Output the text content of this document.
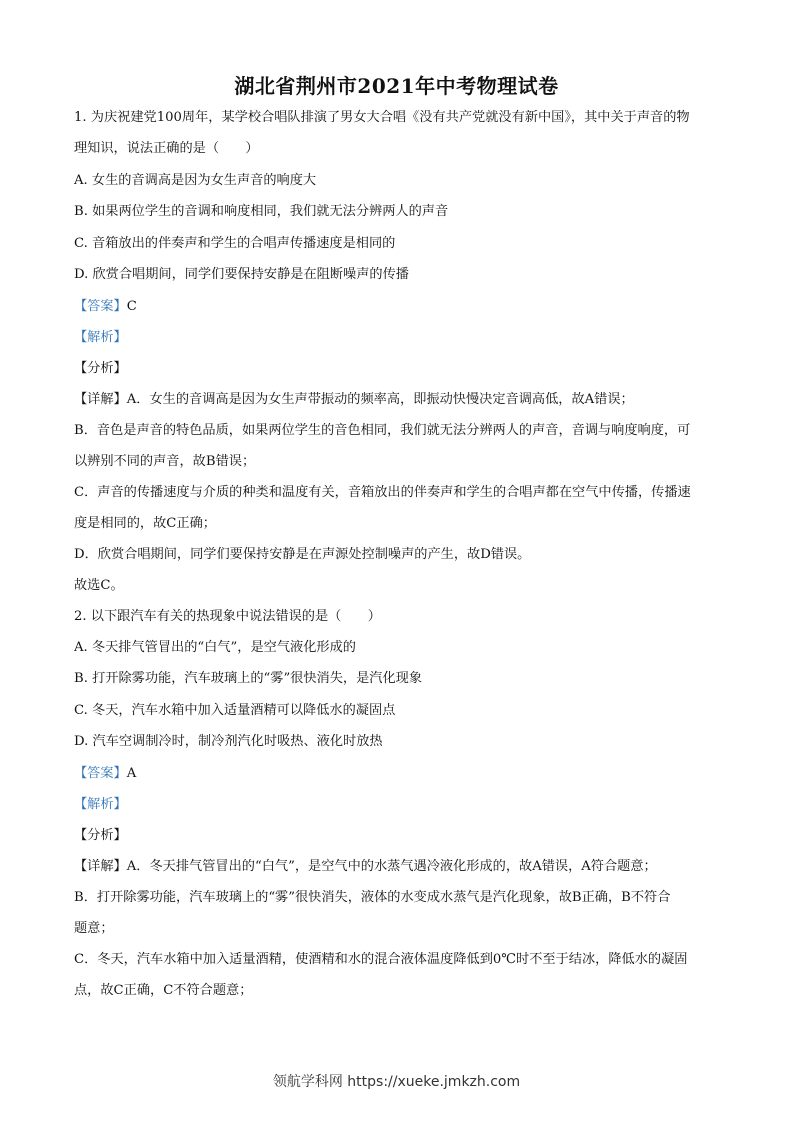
湖北省荆州市2021年中考物理试卷
1. 为庆祝建党100周年，某学校合唱队排演了男女大合唱《没有共产党就没有新中国》，其中关于声音的物
理知识，说法正确的是（　　）
A. 女生的音调高是因为女生声音的响度大
B. 如果两位学生的音调和响度相同，我们就无法分辨两人的声音
C. 音箱放出的伴奏声和学生的合唱声传播速度是相同的
D. 欣赏合唱期间，同学们要保持安静是在阻断噪声的传播
【答案】C
【解析】
【分析】
【详解】A．女生的音调高是因为女生声带振动的频率高，即振动快慢决定音调高低，故A错误；
B．音色是声音的特色品质，如果两位学生的音色相同，我们就无法分辨两人的声音，音调与响度响度，可
以辨别不同的声音，故B错误；
C．声音的传播速度与介质的种类和温度有关，音箱放出的伴奏声和学生的合唱声都在空气中传播，传播速
度是相同的，故C正确；
D．欣赏合唱期间，同学们要保持安静是在声源处控制噪声的产生，故D错误。
故选C。
2. 以下跟汽车有关的热现象中说法错误的是（　　）
A. 冬天排气管冒出的“白气”，是空气液化形成的
B. 打开除雾功能，汽车玻璃上的“雾”很快消失，是汽化现象
C. 冬天，汽车水箱中加入适量酒精可以降低水的凝固点
D. 汽车空调制冷时，制冷剂汽化时吸热、液化时放热
【答案】A
【解析】
【分析】
【详解】A．冬天排气管冒出的“白气”，是空气中的水蒸气遇冷液化形成的，故A错误，A符合题意；
B．打开除雾功能，汽车玻璃上的“雾”很快消失，液体的水变成水蒸气是汽化现象，故B正确，B不符合
题意；
C．冬天，汽车水箱中加入适量酒精，使酒精和水的混合液体温度降低到0℃时不至于结冰，降低水的凝固
点，故C正确，C不符合题意；
领航学科网 https://xueke.jmkzh.com
